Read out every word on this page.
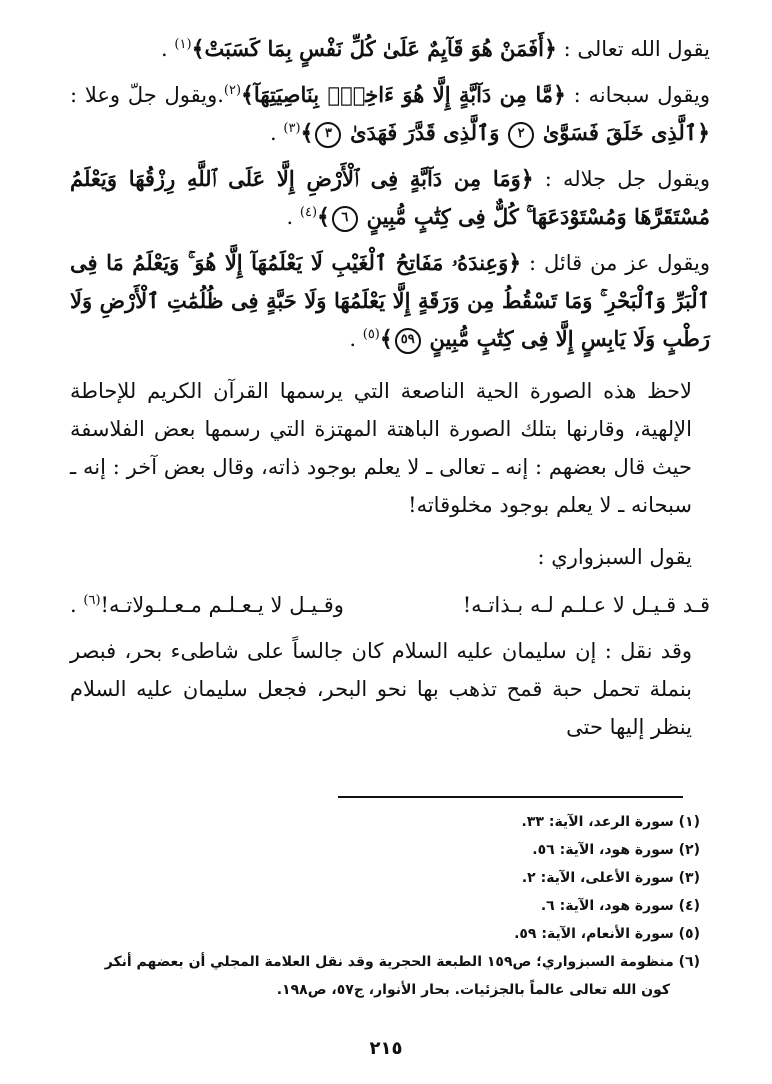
يقول الله تعالى : ﴿أَفَمَنْ هُوَ قَآيِمٌ عَلَىٰ كُلِّ نَفْسٍ بِمَا كَسَبَتْ﴾$^{(١)}$ .

ويقول سبحانه : ﴿مَّا مِن دَآبَّةٍ إِلَّا هُوَ ءَاخِذٌۢ بِنَاصِيَتِهَآ﴾$^{(٢)}$.ويقول جلّ وعلا : ﴿ٱلَّذِى خَلَقَ فَسَوَّىٰ ٢ وَٱلَّذِى قَدَّرَ فَهَدَىٰ ٣﴾$^{(٣)}$ .

ويقول جل جلاله : ﴿وَمَا مِن دَآبَّةٍ فِى ٱلْأَرْضِ إِلَّا عَلَى ٱللَّهِ رِزْقُهَا وَيَعْلَمُ مُسْتَقَرَّهَا وَمُسْتَوْدَعَهَا ۚ كُلٌّ فِى كِتَٰبٍ مُّبِينٍ ٦﴾$^{(٤)}$ .

ويقول عز من قائل : ﴿وَعِندَهُۥ مَفَاتِحُ ٱلْغَيْبِ لَا يَعْلَمُهَآ إِلَّا هُوَ ۚ وَيَعْلَمُ مَا فِى ٱلْبَرِّ وَٱلْبَحْرِ ۚ وَمَا تَسْقُطُ مِن وَرَقَةٍ إِلَّا يَعْلَمُهَا وَلَا حَبَّةٍ فِى ظُلُمَٰتِ ٱلْأَرْضِ وَلَا رَطْبٍ وَلَا يَابِسٍ إِلَّا فِى كِتَٰبٍ مُّبِينٍ ٥٩﴾$^{(٥)}$ .

لاحظ هذه الصورة الحية الناصعة التي يرسمها القرآن الكريم للإحاطة الإلهية، وقارنها بتلك الصورة الباهتة المهتزة التي رسمها بعض الفلاسفة حيث قال بعضهم : إنه ـ تعالى ـ لا يعلم بوجود ذاته، وقال بعض آخر : إنه ـ سبحانه ـ لا يعلم بوجود مخلوقاته!

يقول السبزواري :

قـد قـيـل لا عـلـم لـه بـذاتـه!
وقـيـل لا يـعـلـم مـعـلـولاتـه!$^{(٦)}$ .

وقد نقل : إن سليمان عليه السلام كان جالساً على شاطىء بحر، فبصر بنملة تحمل حبة قمح تذهب بها نحو البحر، فجعل سليمان عليه السلام ينظر إليها حتى

(١) سورة الرعد، الآية: ٣٣.

(٢) سورة هود، الآية: ٥٦.

(٣) سورة الأعلى، الآية: ٢.

(٤) سورة هود، الآية: ٦.

(٥) سورة الأنعام، الآية: ٥٩.

(٦) منظومة السبزواري؛ ص١٥٩ الطبعة الحجرية وقد نقل العلامة المجلي أن بعضهم أنكر

كون الله تعالى عالماً بالجزئيات. بحار الأنوار، ج٥٧، ص١٩٨.

٢١٥
